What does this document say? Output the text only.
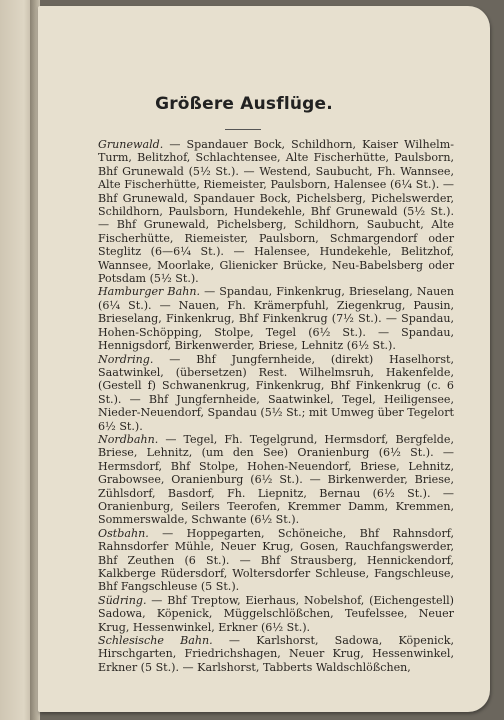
Größere Ausflüge.

Grunewald. — Spandauer Bock, Schildhorn, Kaiser Wilhelm-Turm, Belitzhof, Schlachtensee, Alte Fischerhütte, Paulsborn, Bhf Grunewald (5½ St.). — Westend, Saubucht, Fh. Wannsee, Alte Fischerhütte, Riemeister, Paulsborn, Halensee (6¼ St.). — Bhf Grunewald, Spandauer Bock, Pichelsberg, Pichelswerder, Schildhorn, Paulsborn, Hundekehle, Bhf Grunewald (5½ St.). — Bhf Grunewald, Pichelsberg, Schildhorn, Saubucht, Alte Fischerhütte, Riemeister, Paulsborn, Schmargendorf oder Steglitz (6—6¼ St.). — Halensee, Hundekehle, Belitzhof, Wannsee, Moorlake, Glienicker Brücke, Neu-Babelsberg oder Potsdam (5½ St.).

Hamburger Bahn. — Spandau, Finkenkrug, Brieselang, Nauen (6¼ St.). — Nauen, Fh. Krämerpfuhl, Ziegenkrug, Pausin, Brieselang, Finkenkrug, Bhf Finkenkrug (7½ St.). — Spandau, Hohen-Schöpping, Stolpe, Tegel (6½ St.). — Spandau, Hennigsdorf, Birkenwerder, Briese, Lehnitz (6½ St.).

Nordring. — Bhf Jungfernheide, (direkt) Haselhorst, Saatwinkel, (übersetzen) Rest. Wilhelmsruh, Hakenfelde, (Gestell f) Schwanenkrug, Finkenkrug, Bhf Finkenkrug (c. 6 St.). — Bhf Jungfernheide, Saatwinkel, Tegel, Heiligensee, Nieder-Neuendorf, Spandau (5½ St.; mit Umweg über Tegelort 6½ St.).

Nordbahn. — Tegel, Fh. Tegelgrund, Hermsdorf, Bergfelde, Briese, Lehnitz, (um den See) Oranienburg (6½ St.). — Hermsdorf, Bhf Stolpe, Hohen-Neuendorf, Briese, Lehnitz, Grabowsee, Oranienburg (6½ St.). — Birkenwerder, Briese, Zühlsdorf, Basdorf, Fh. Liepnitz, Bernau (6½ St.). — Oranienburg, Seilers Teerofen, Kremmer Damm, Kremmen, Sommerswalde, Schwante (6½ St.).

Ostbahn. — Hoppegarten, Schöneiche, Bhf Rahnsdorf, Rahnsdorfer Mühle, Neuer Krug, Gosen, Rauchfangswerder, Bhf Zeuthen (6 St.). — Bhf Strausberg, Hennickendorf, Kalkberge Rüdersdorf, Woltersdorfer Schleuse, Fangschleuse, Bhf Fangschleuse (5 St.).

Südring. — Bhf Treptow, Eierhaus, Nobelshof, (Eichengestell) Sadowa, Köpenick, Müggelschlößchen, Teufelssee, Neuer Krug, Hessenwinkel, Erkner (6½ St.).

Schlesische Bahn. — Karlshorst, Sadowa, Köpenick, Hirschgarten, Friedrichshagen, Neuer Krug, Hessenwinkel, Erkner (5 St.). — Karlshorst, Tabberts Waldschlößchen,
